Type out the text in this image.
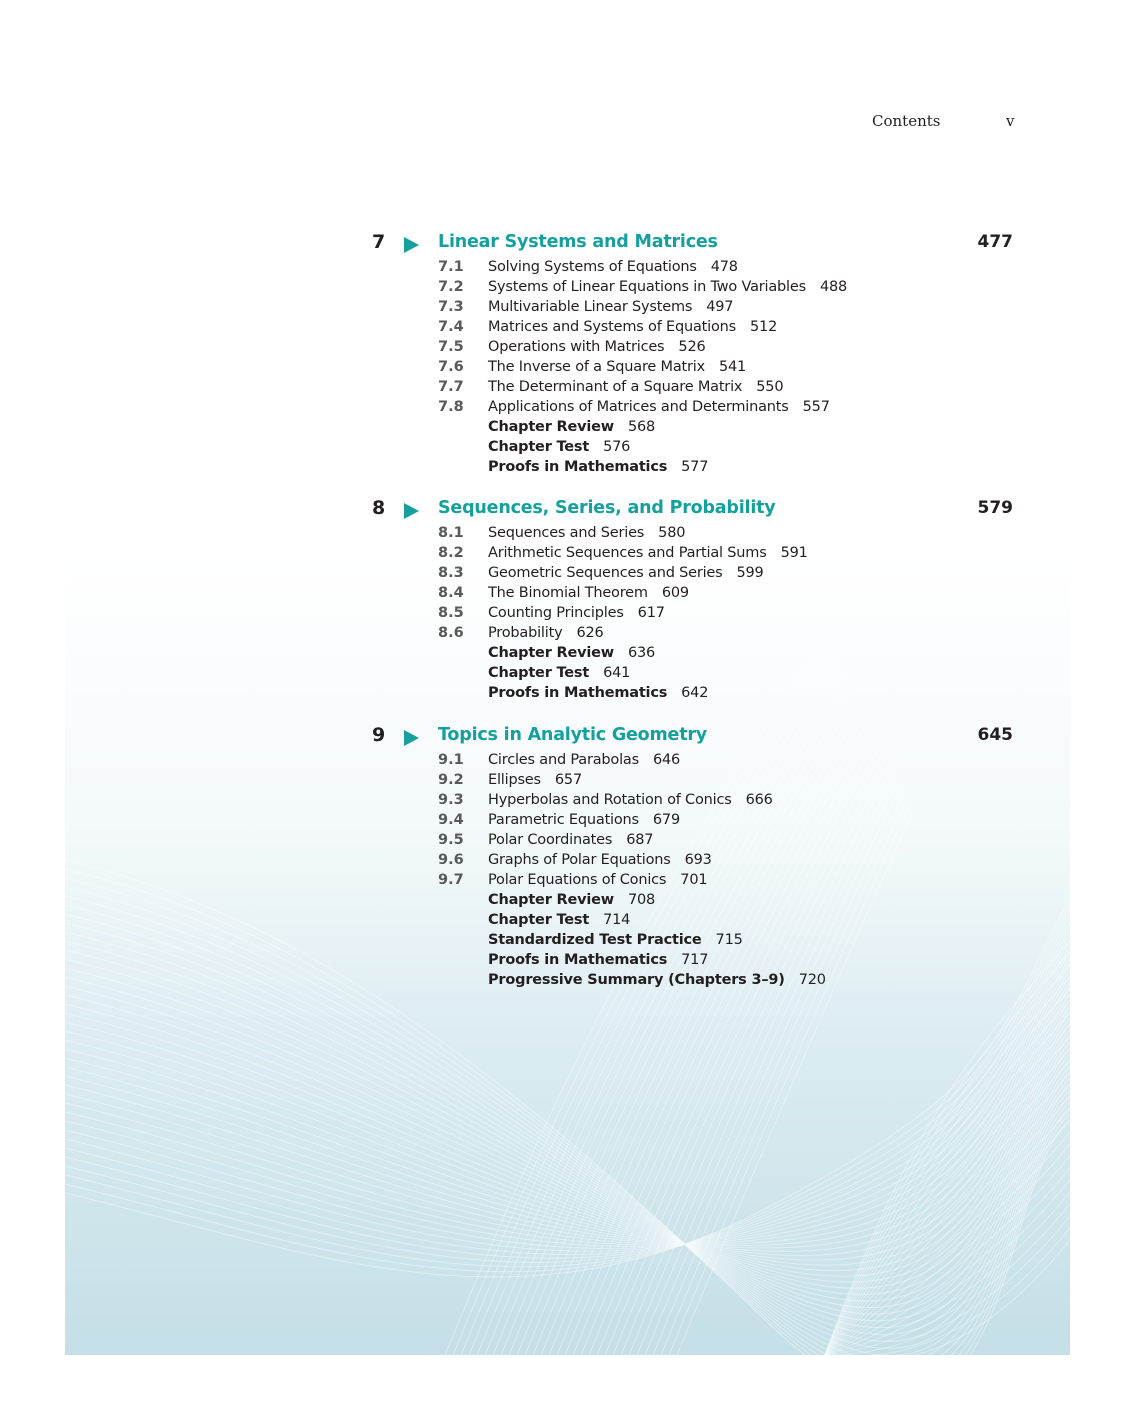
Contents	v
7	Linear Systems and Matrices	477
7.1 Solving Systems of Equations 478
7.2 Systems of Linear Equations in Two Variables 488
7.3 Multivariable Linear Systems 497
7.4 Matrices and Systems of Equations 512
7.5 Operations with Matrices 526
7.6 The Inverse of a Square Matrix 541
7.7 The Determinant of a Square Matrix 550
7.8 Applications of Matrices and Determinants 557
Chapter Review 568
Chapter Test 576
Proofs in Mathematics 577
8	Sequences, Series, and Probability	579
8.1 Sequences and Series 580
8.2 Arithmetic Sequences and Partial Sums 591
8.3 Geometric Sequences and Series 599
8.4 The Binomial Theorem 609
8.5 Counting Principles 617
8.6 Probability 626
Chapter Review 636
Chapter Test 641
Proofs in Mathematics 642
9	Topics in Analytic Geometry	645
9.1 Circles and Parabolas 646
9.2 Ellipses 657
9.3 Hyperbolas and Rotation of Conics 666
9.4 Parametric Equations 679
9.5 Polar Coordinates 687
9.6 Graphs of Polar Equations 693
9.7 Polar Equations of Conics 701
Chapter Review 708
Chapter Test 714
Standardized Test Practice 715
Proofs in Mathematics 717
Progressive Summary (Chapters 3–9) 720
